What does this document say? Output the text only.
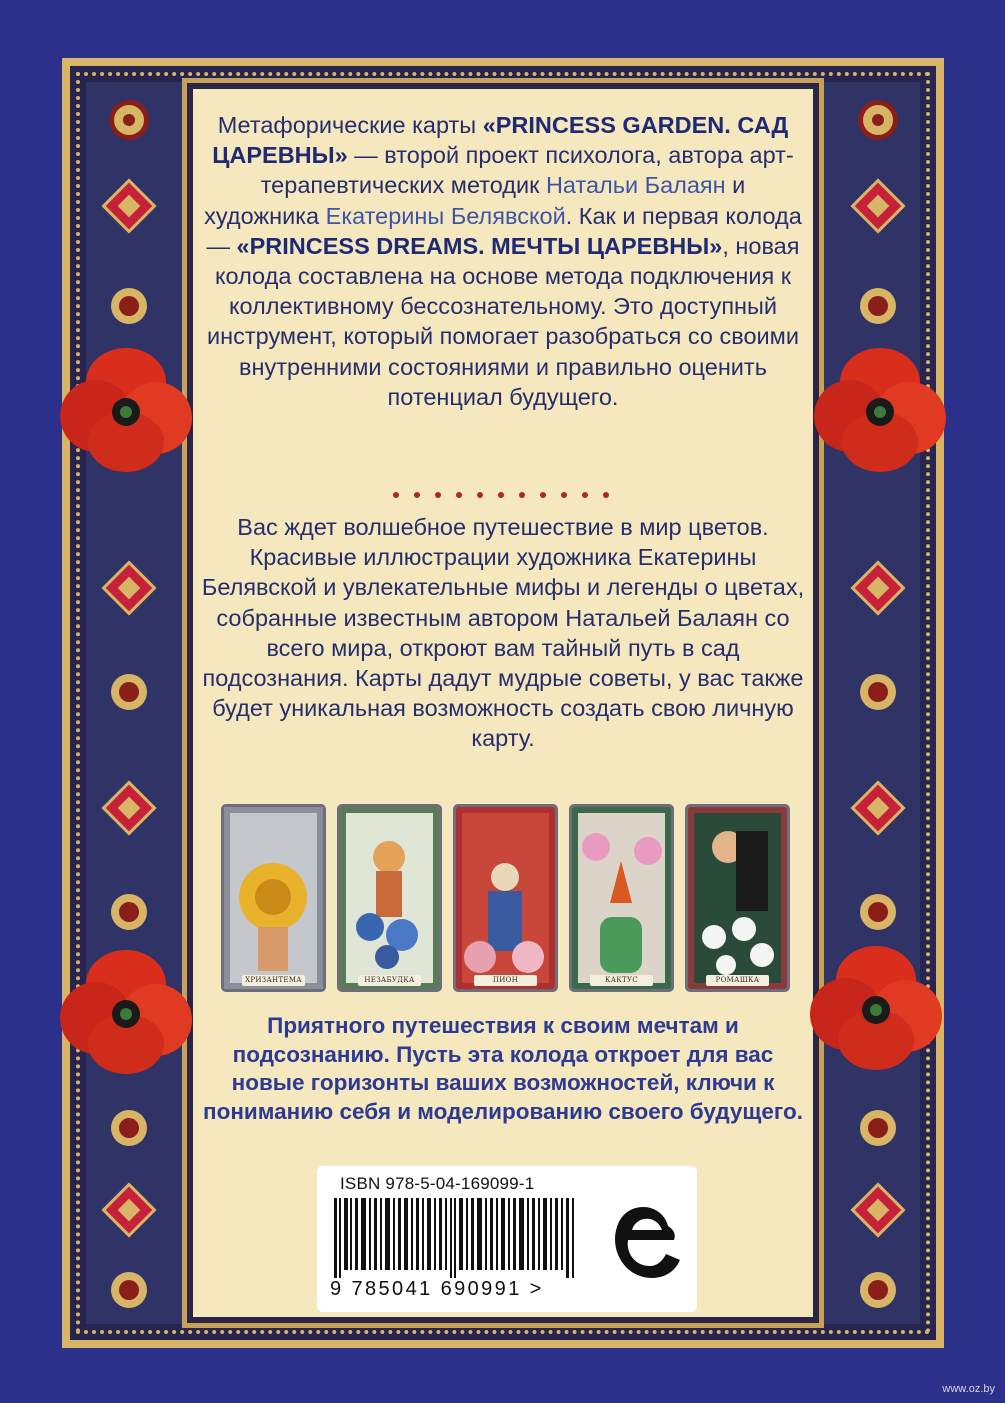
Метафорические карты «PRINCESS GARDEN. САД ЦАРЕВНЫ» — второй проект психолога, автора арт-терапевтических методик Натальи Балаян и художника Екатерины Белявской. Как и первая колода — «PRINCESS DREAMS. МЕЧТЫ ЦАРЕВНЫ», новая колода составлена на основе метода подключения к коллективному бессознательному. Это доступный инструмент, который помогает разобраться со своими внутренними состояниями и правильно оценить потенциал будущего.
Вас ждет волшебное путешествие в мир цветов. Красивые иллюстрации художника Екатерины Белявской и увлекательные мифы и легенды о цветах, собранные известным автором Натальей Балаян со всего мира, откроют вам тайный путь в сад подсознания. Карты дадут мудрые советы, у вас также будет уникальная возможность создать свою личную карту.
ХРИЗАНТЕМА	НЕЗАБУДКА	ПИОН	КАКТУС	РОМАШКА
Приятного путешествия к своим мечтам и подсознанию. Пусть эта колода откроет для вас новые горизонты ваших возможностей, ключи к пониманию себя и моделированию своего будущего.
ISBN 978-5-04-169099-1
9 785041 690991 >
www.oz.by
